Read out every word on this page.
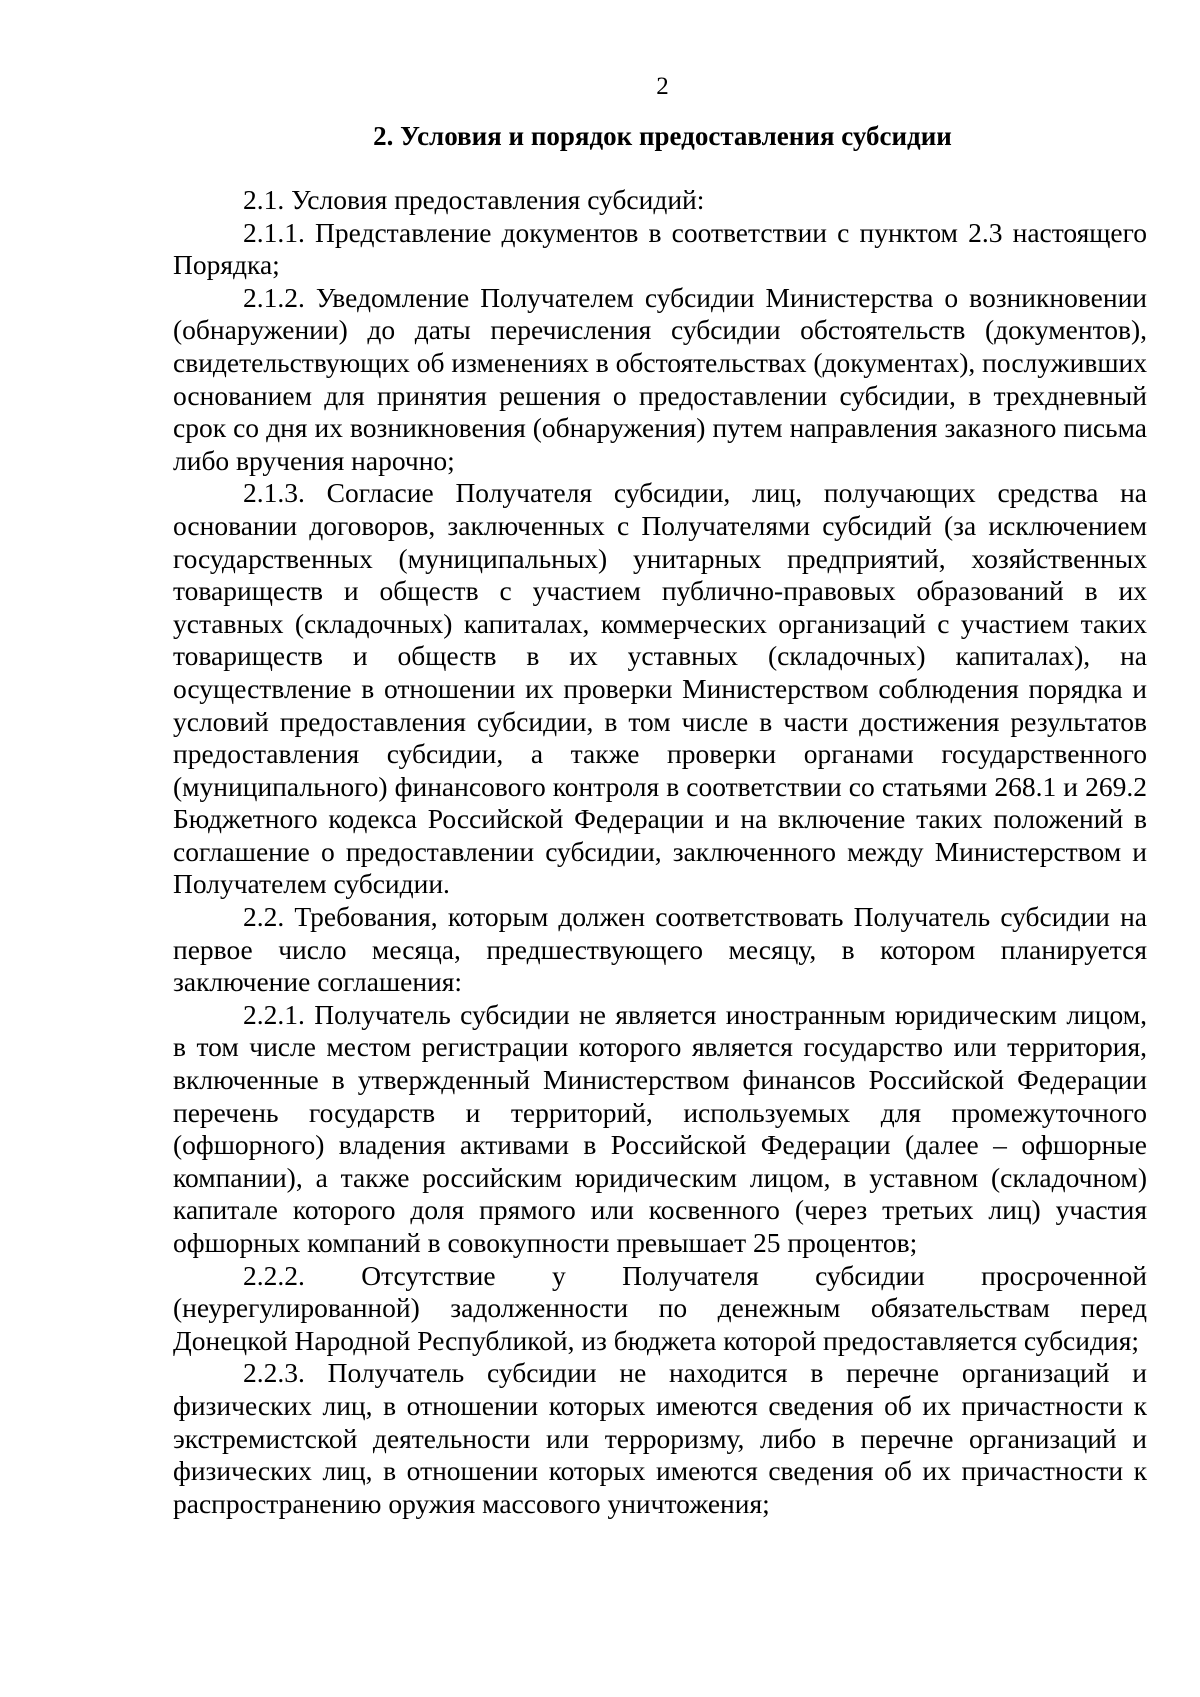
2
2. Условия и порядок предоставления субсидии

2.1. Условия предоставления субсидий:

2.1.1. Представление документов в соответствии с пунктом 2.3 настоящего Порядка;

2.1.2. Уведомление Получателем субсидии Министерства о возникновении (обнаружении) до даты перечисления субсидии обстоятельств (документов), свидетельствующих об изменениях в обстоятельствах (документах), послуживших основанием для принятия решения о предоставлении субсидии, в трехдневный срок со дня их возникновения (обнаружения) путем направления заказного письма либо вручения нарочно;

2.1.3. Согласие Получателя субсидии, лиц, получающих средства на основании договоров, заключенных с Получателями субсидий (за исключением государственных (муниципальных) унитарных предприятий, хозяйственных товариществ и обществ с участием публично-правовых образований в их уставных (складочных) капиталах, коммерческих организаций с участием таких товариществ и обществ в их уставных (складочных) капиталах), на осуществление в отношении их проверки Министерством соблюдения порядка и условий предоставления субсидии, в том числе в части достижения результатов предоставления субсидии, а также проверки органами государственного (муниципального) финансового контроля в соответствии со статьями 268.1 и 269.2 Бюджетного кодекса Российской Федерации и на включение таких положений в соглашение о предоставлении субсидии, заключенного между Министерством и Получателем субсидии.

2.2. Требования, которым должен соответствовать Получатель субсидии на первое число месяца, предшествующего месяцу, в котором планируется заключение соглашения:

2.2.1. Получатель субсидии не является иностранным юридическим лицом, в том числе местом регистрации которого является государство или территория, включенные в утвержденный Министерством финансов Российской Федерации перечень государств и территорий, используемых для промежуточного (офшорного) владения активами в Российской Федерации (далее – офшорные компании), а также российским юридическим лицом, в уставном (складочном) капитале которого доля прямого или косвенного (через третьих лиц) участия офшорных компаний в совокупности превышает 25 процентов;

2.2.2. Отсутствие у Получателя субсидии просроченной (неурегулированной) задолженности по денежным обязательствам перед Донецкой Народной Республикой, из бюджета которой предоставляется субсидия;

2.2.3. Получатель субсидии не находится в перечне организаций и физических лиц, в отношении которых имеются сведения об их причастности к экстремистской деятельности или терроризму, либо в перечне организаций и физических лиц, в отношении которых имеются сведения об их причастности к распространению оружия массового уничтожения;
